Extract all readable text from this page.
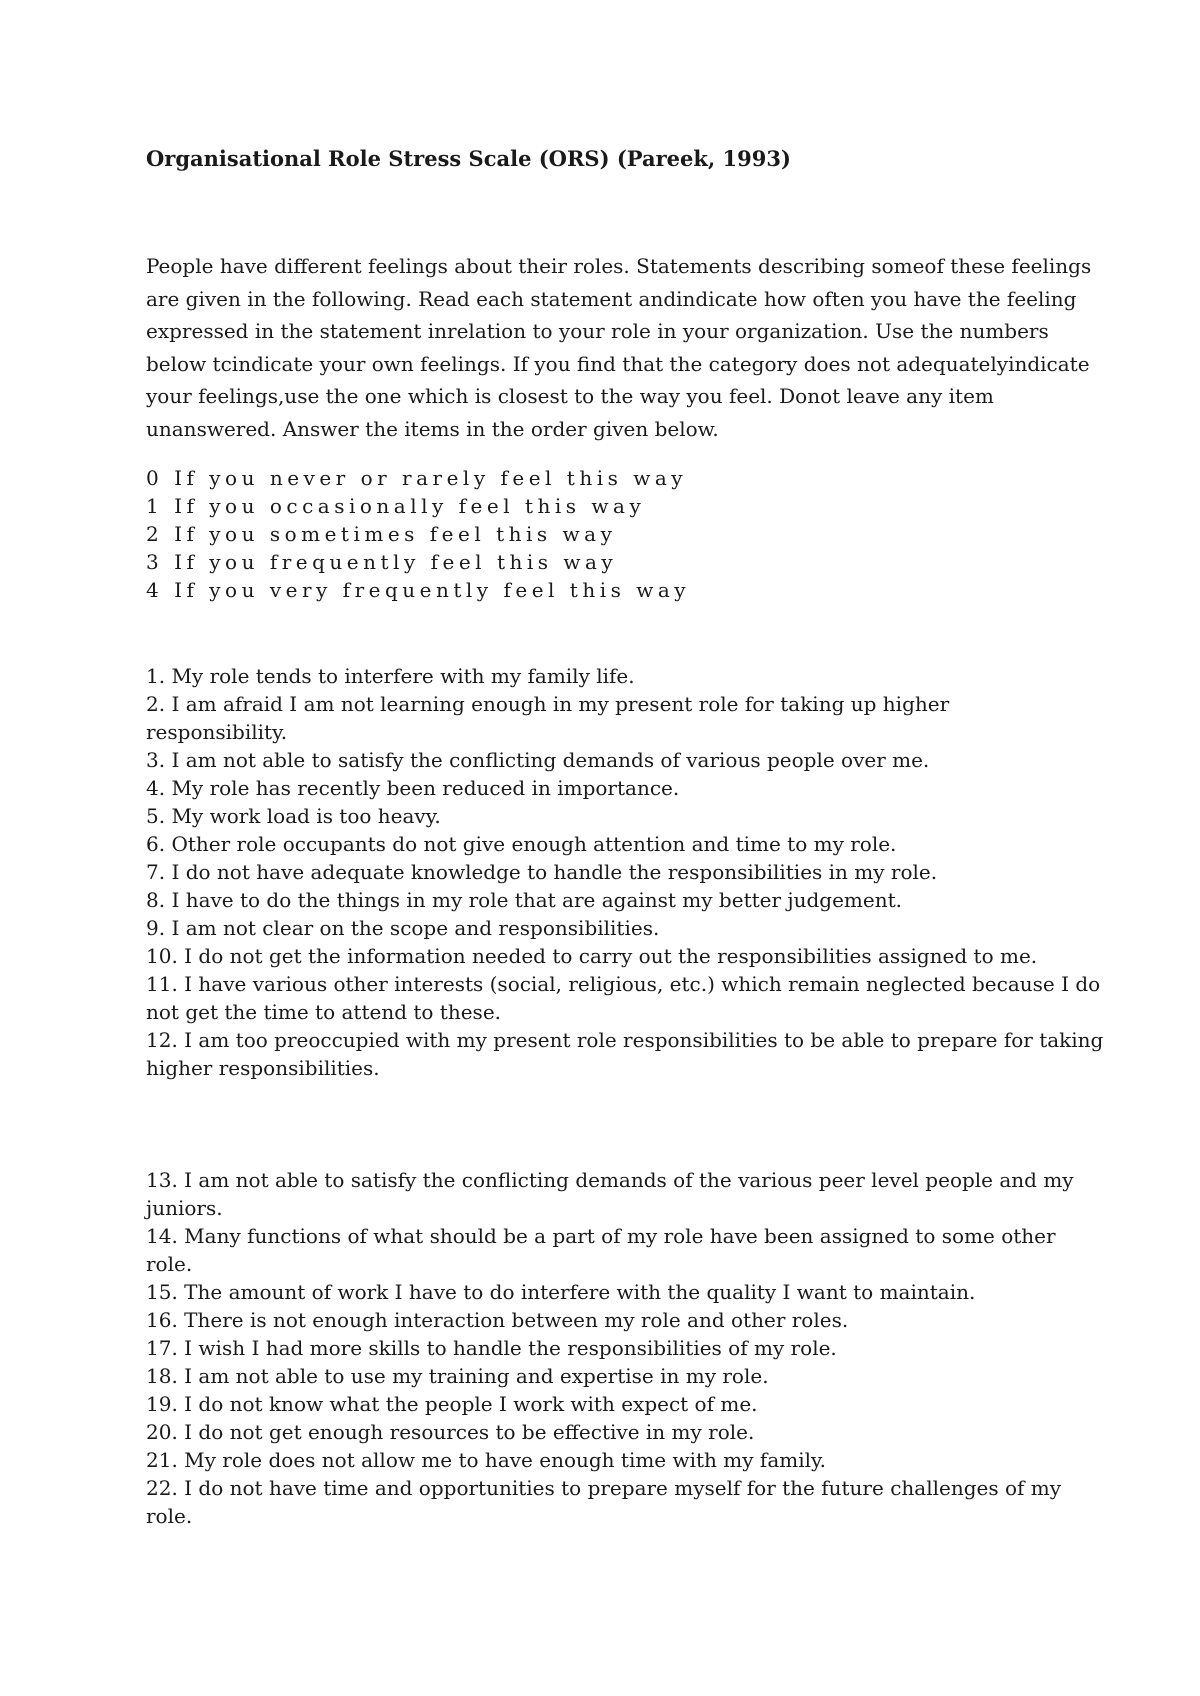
Organisational Role Stress Scale (ORS) (Pareek, 1993)
People have different feelings about their roles. Statements describing someof these feelings
are given in the following. Read each statement andindicate how often you have the feeling
expressed in the statement inrelation to your role in your organization. Use the numbers
below tcindicate your own feelings. If you find that the category does not adequatelyindicate
your feelings,use the one which is closest to the way you feel. Donot leave any item
unanswered. Answer the items in the order given below.
0 If you never or rarely feel this way
1 If you occasionally feel this way
2 If you sometimes feel this way
3 If you frequently feel this way
4 If you very frequently feel this way
1. My role tends to interfere with my family life.
2. I am afraid I am not learning enough in my present role for taking up higher
responsibility.
3. I am not able to satisfy the conflicting demands of various people over me.
4. My role has recently been reduced in importance.
5. My work load is too heavy.
6. Other role occupants do not give enough attention and time to my role.
7. I do not have adequate knowledge to handle the responsibilities in my role.
8. I have to do the things in my role that are against my better judgement.
9. I am not clear on the scope and responsibilities.
10. I do not get the information needed to carry out the responsibilities assigned to me.
11. I have various other interests (social, religious, etc.) which remain neglected because I do
not get the time to attend to these.
12. I am too preoccupied with my present role responsibilities to be able to prepare for taking
higher responsibilities.
13. I am not able to satisfy the conflicting demands of the various peer level people and my
juniors.
14. Many functions of what should be a part of my role have been assigned to some other
role.
15. The amount of work I have to do interfere with the quality I want to maintain.
16. There is not enough interaction between my role and other roles.
17. I wish I had more skills to handle the responsibilities of my role.
18. I am not able to use my training and expertise in my role.
19. I do not know what the people I work with expect of me.
20. I do not get enough resources to be effective in my role.
21. My role does not allow me to have enough time with my family.
22. I do not have time and opportunities to prepare myself for the future challenges of my
role.
